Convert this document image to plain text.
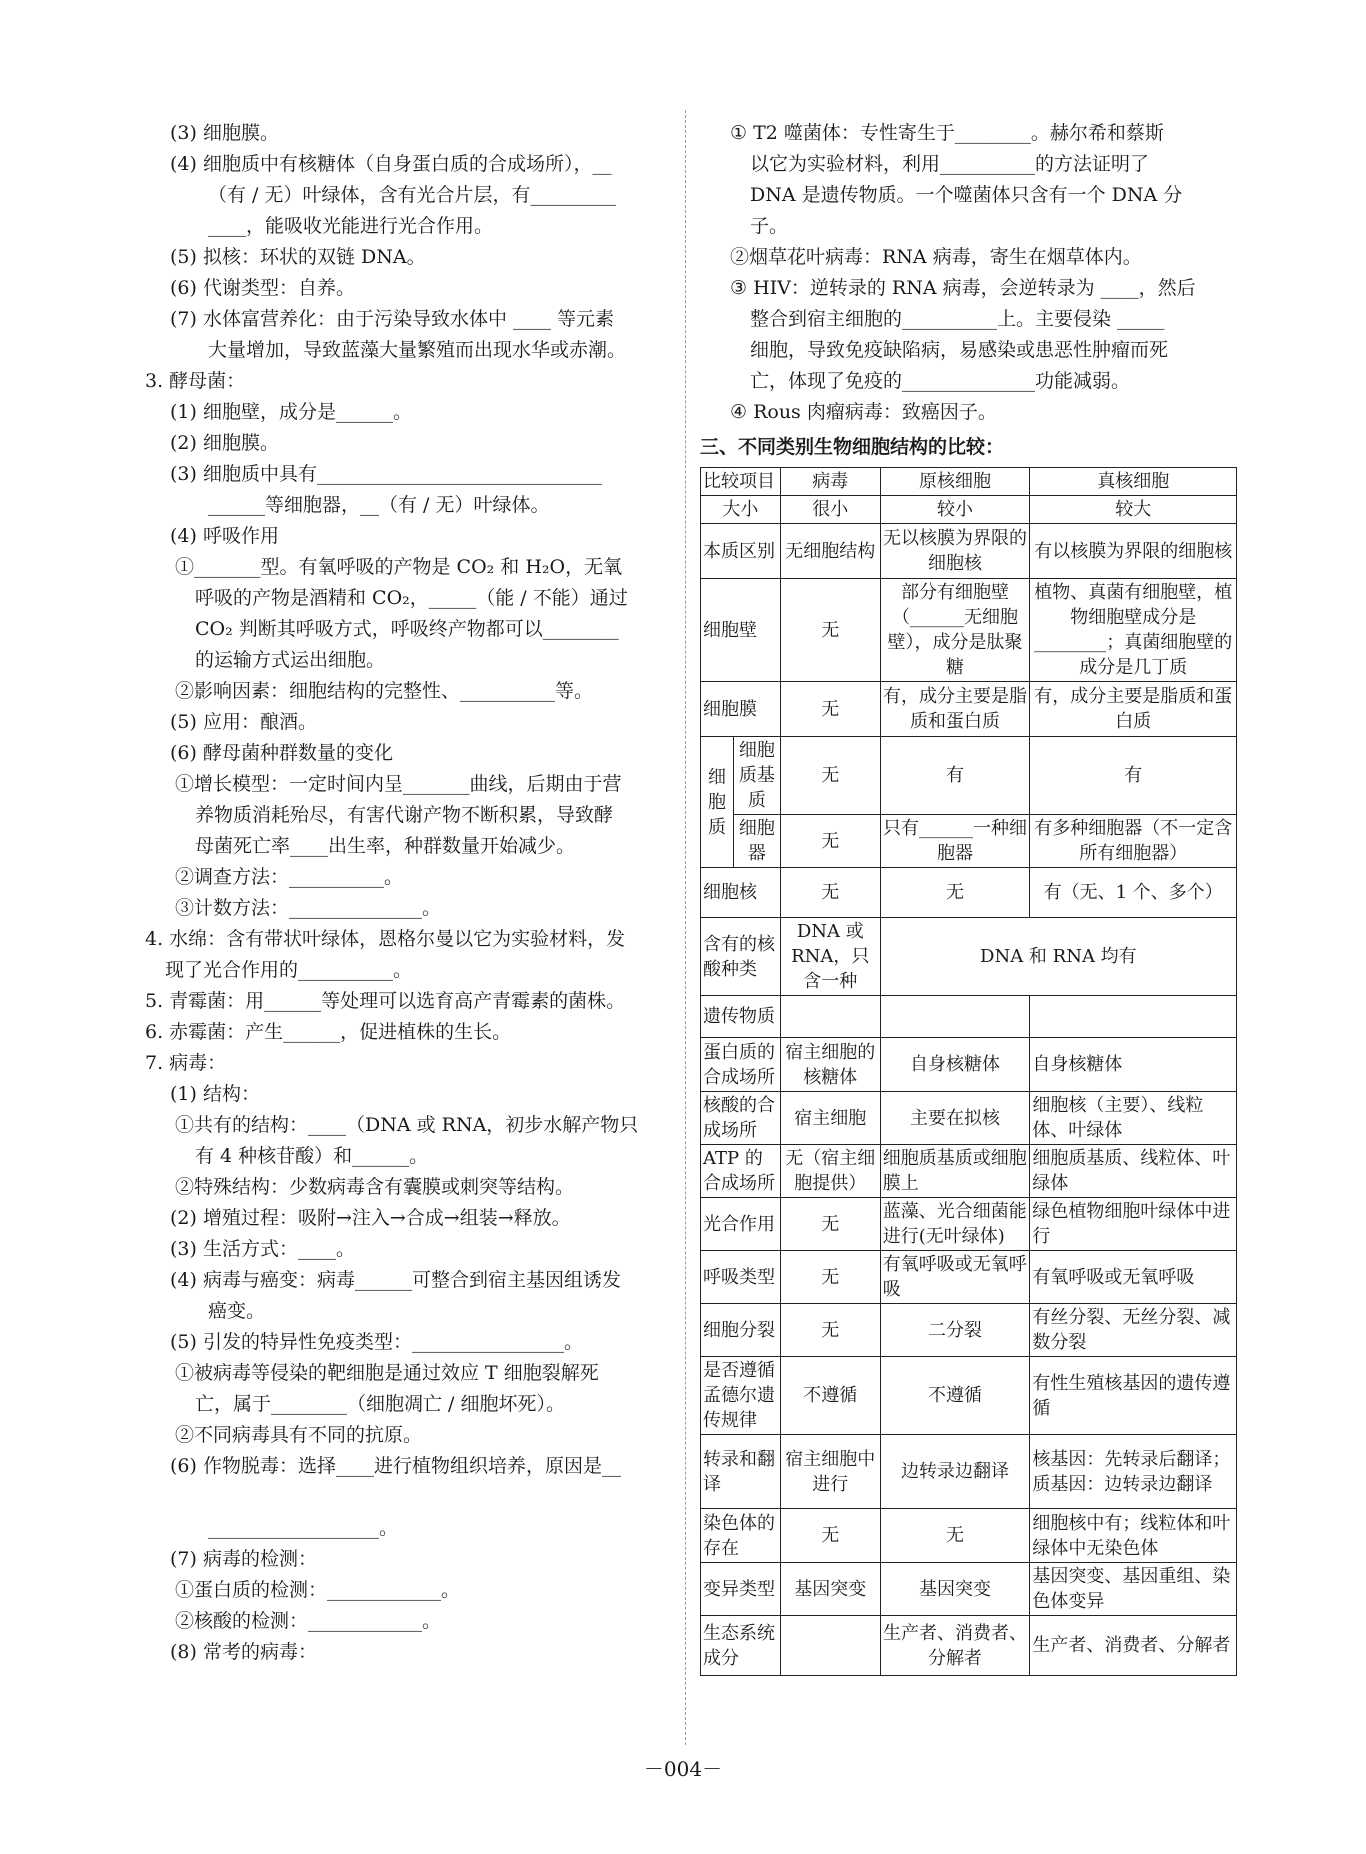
(3) 细胞膜。
(4) 细胞质中有核糖体（自身蛋白质的合成场所），__
（有 / 无）叶绿体，含有光合片层，有_________
____，能吸收光能进行光合作用。
(5) 拟核：环状的双链 DNA。
(6) 代谢类型：自养。
(7) 水体富营养化：由于污染导致水体中 ____ 等元素
大量增加，导致蓝藻大量繁殖而出现水华或赤潮。
3. 酵母菌：
(1) 细胞壁，成分是______。
(2) 细胞膜。
(3) 细胞质中具有______________________________
______等细胞器，__（有 / 无）叶绿体。
(4) 呼吸作用
①_______型。有氧呼吸的产物是 CO₂ 和 H₂O，无氧
呼吸的产物是酒精和 CO₂，_____（能 / 不能）通过
CO₂ 判断其呼吸方式，呼吸终产物都可以________
的运输方式运出细胞。
②影响因素：细胞结构的完整性、__________等。
(5) 应用：酿酒。
(6) 酵母菌种群数量的变化
①增长模型：一定时间内呈_______曲线，后期由于营
养物质消耗殆尽，有害代谢产物不断积累，导致酵
母菌死亡率____出生率，种群数量开始减少。
②调查方法：__________。
③计数方法：______________。
4. 水绵：含有带状叶绿体，恩格尔曼以它为实验材料，发
现了光合作用的__________。
5. 青霉菌：用______等处理可以选育高产青霉素的菌株。
6. 赤霉菌：产生______，促进植株的生长。
7. 病毒：
(1) 结构：
①共有的结构：____（DNA 或 RNA，初步水解产物只
有 4 种核苷酸）和______。
②特殊结构：少数病毒含有囊膜或刺突等结构。
(2) 增殖过程：吸附→注入→合成→组装→释放。
(3) 生活方式：____。
(4) 病毒与癌变：病毒______可整合到宿主基因组诱发
癌变。
(5) 引发的特异性免疫类型：________________。
①被病毒等侵染的靶细胞是通过效应 T 细胞裂解死
亡，属于________（细胞凋亡 / 细胞坏死）。
②不同病毒具有不同的抗原。
(6) 作物脱毒：选择____进行植物组织培养，原因是__
__________________。
(7) 病毒的检测：
①蛋白质的检测：____________。
②核酸的检测：____________。
(8) 常考的病毒：
① T2 噬菌体：专性寄生于________。赫尔希和蔡斯
以它为实验材料，利用__________的方法证明了
DNA 是遗传物质。一个噬菌体只含有一个 DNA 分
子。
②烟草花叶病毒：RNA 病毒，寄生在烟草体内。
③ HIV：逆转录的 RNA 病毒，会逆转录为 ____，然后
整合到宿主细胞的__________上。主要侵染 _____
细胞，导致免疫缺陷病，易感染或患恶性肿瘤而死
亡，体现了免疫的______________功能减弱。
④ Rous 肉瘤病毒：致癌因子。
三、不同类别生物细胞结构的比较：
比较项目		病毒	原核细胞	真核细胞
大小		很小	较小	较大
本质区别		无细胞结构	无以核膜为界限的细胞核	有以核膜为界限的细胞核
细胞壁		无	部分有细胞壁（______无细胞壁），成分是肽聚糖	植物、真菌有细胞壁，植物细胞壁成分是________；真菌细胞壁的成分是几丁质
细胞膜		无	有，成分主要是脂质和蛋白质	有，成分主要是脂质和蛋白质
细胞质	细胞质基质	无	有	有
	细胞器	无	只有______一种细胞器	有多种细胞器（不一定含所有细胞器）
细胞核		无	无	有（无、1 个、多个）
含有的核酸种类		DNA 或 RNA，只含一种	DNA 和 RNA 均有	
遗传物质				
蛋白质的合成场所		宿主细胞的核糖体	自身核糖体	自身核糖体
核酸的合成场所		宿主细胞	主要在拟核	细胞核（主要）、线粒体、叶绿体
ATP 的合成场所		无（宿主细胞提供）	细胞质基质或细胞膜上	细胞质基质、线粒体、叶绿体
光合作用		无	蓝藻、光合细菌能进行(无叶绿体)	绿色植物细胞叶绿体中进行
呼吸类型		无	有氧呼吸或无氧呼吸	有氧呼吸或无氧呼吸
细胞分裂		无	二分裂	有丝分裂、无丝分裂、减数分裂
是否遵循孟德尔遗传规律		不遵循	不遵循	有性生殖核基因的遗传遵循
转录和翻译		宿主细胞中进行	边转录边翻译	核基因：先转录后翻译；质基因：边转录边翻译
染色体的存在		无	无	细胞核中有；线粒体和叶绿体中无染色体
变异类型		基因突变	基因突变	基因突变、基因重组、染色体变异
生态系统成分			生产者、消费者、分解者	生产者、消费者、分解者
－004－
